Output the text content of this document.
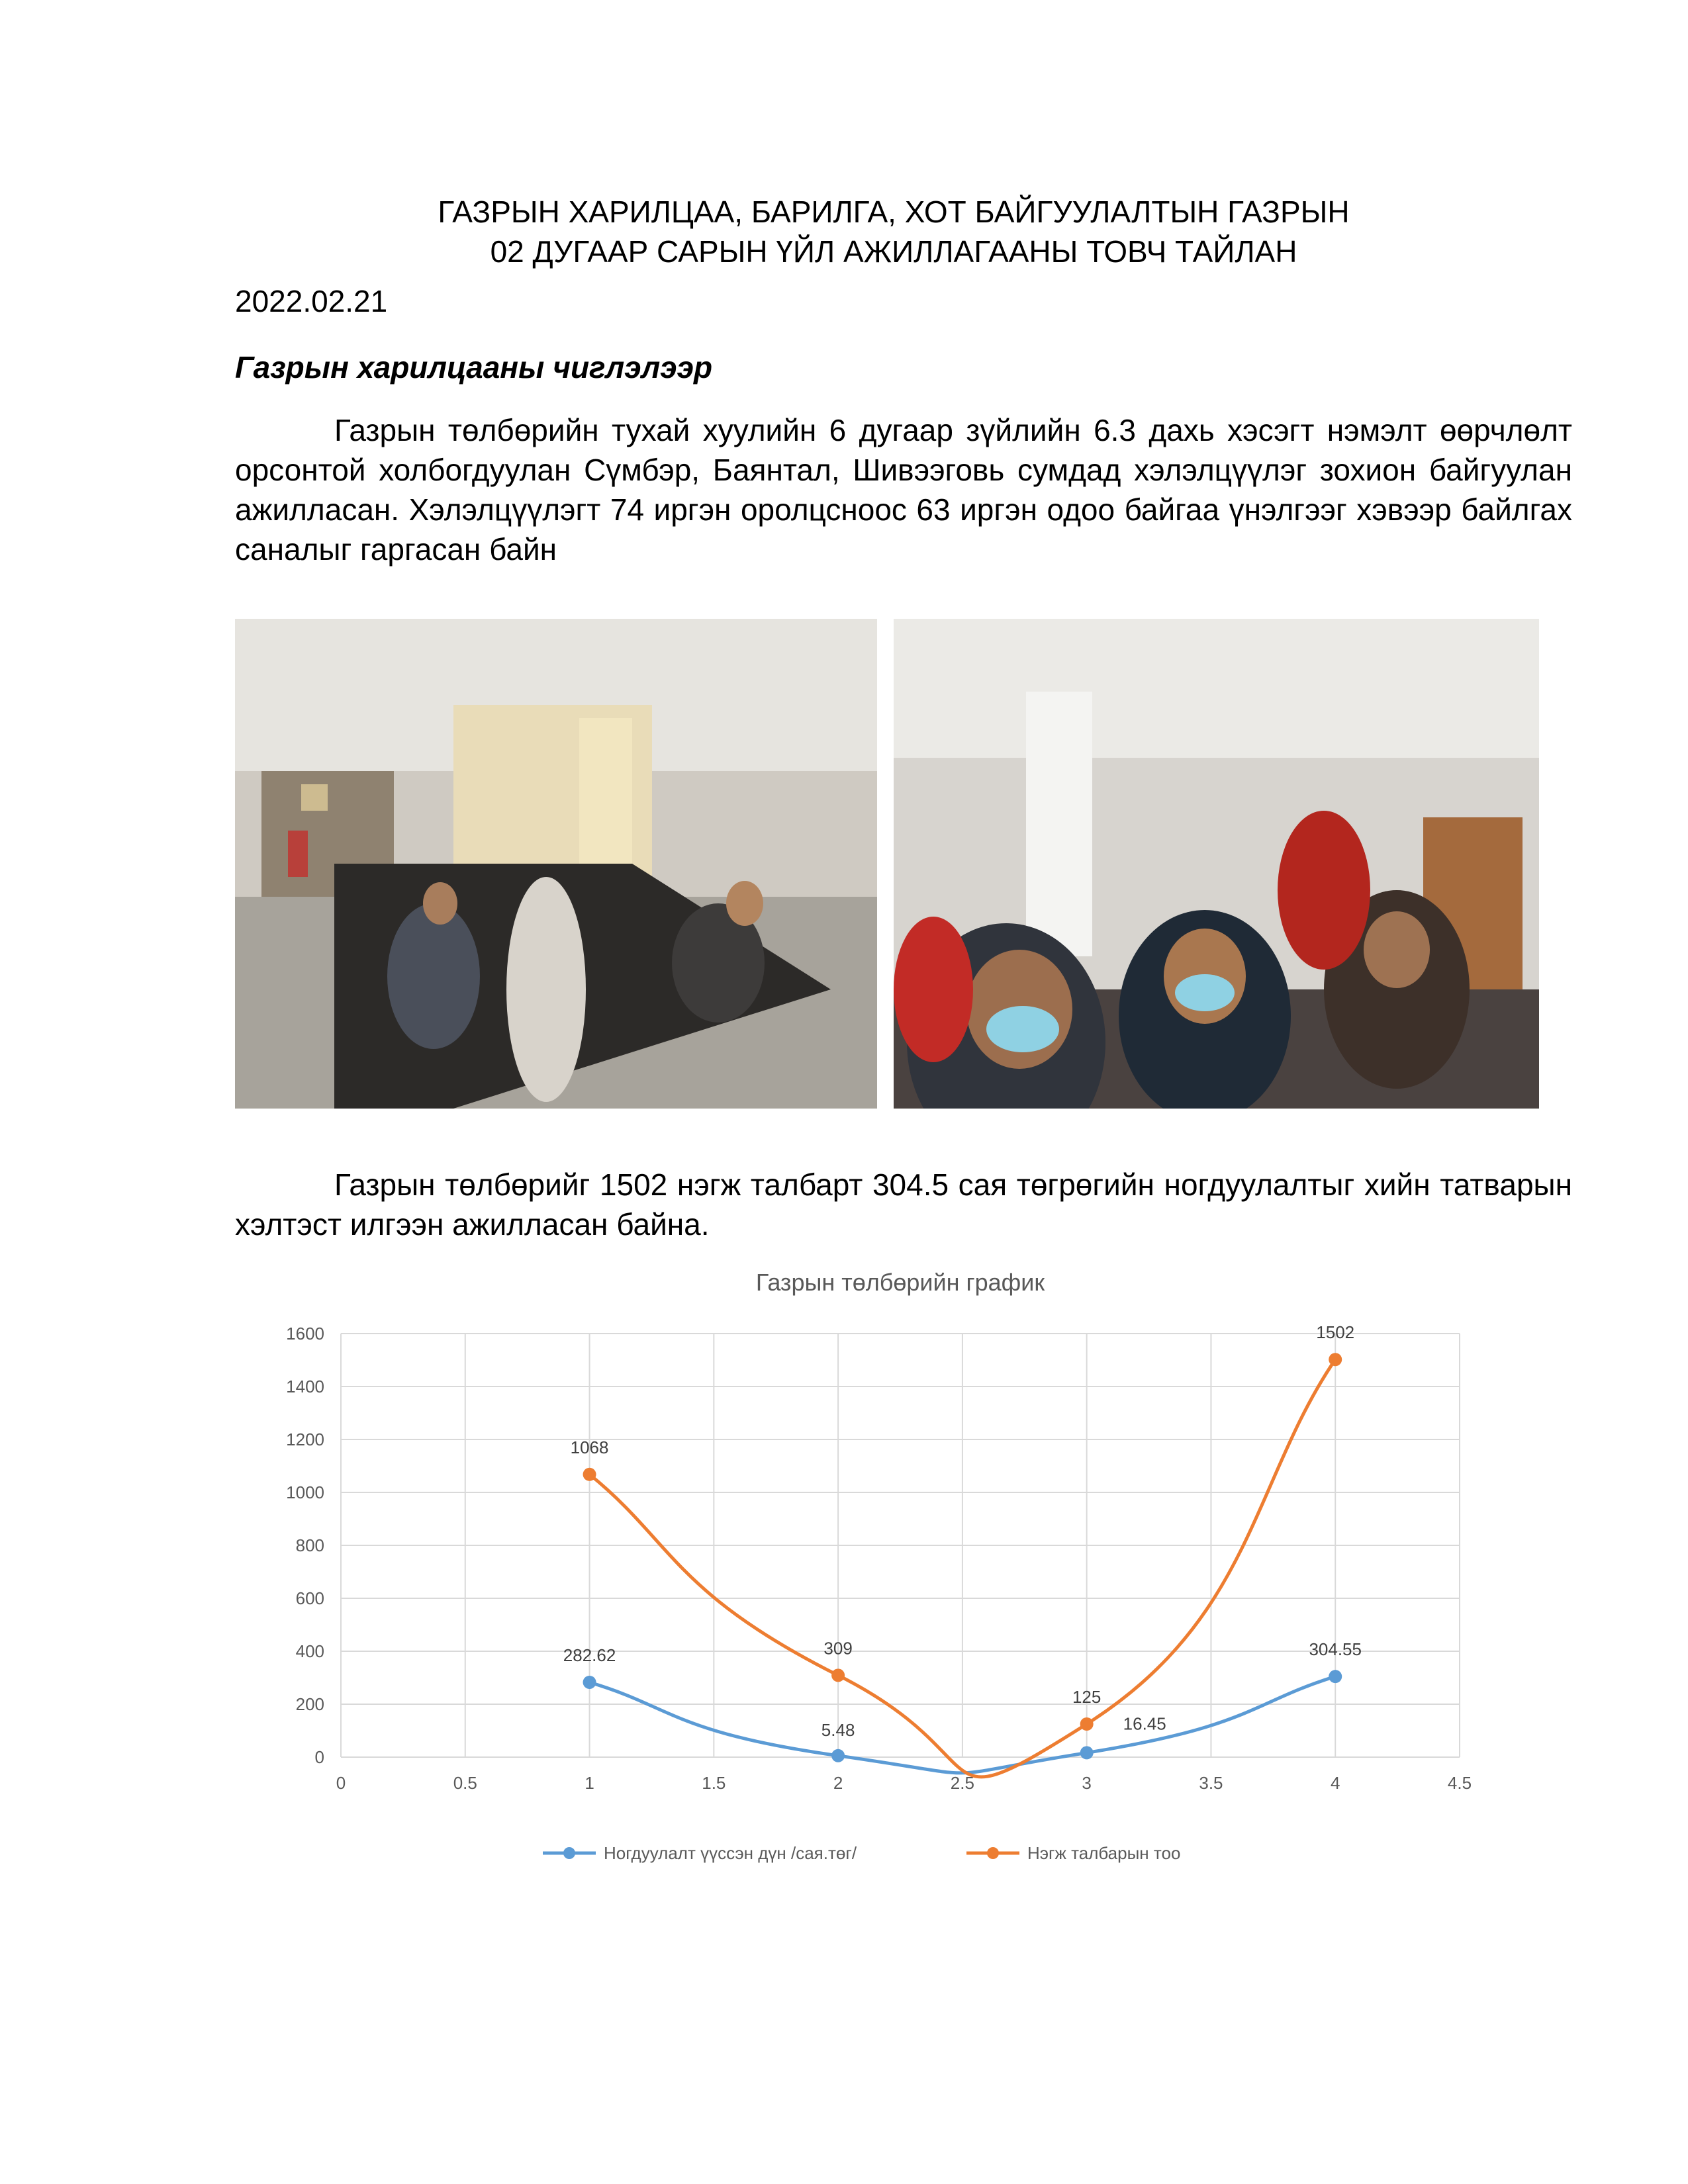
ГАЗРЫН ХАРИЛЦАА, БАРИЛГА, ХОТ БАЙГУУЛАЛТЫН ГАЗРЫН
02 ДУГААР САРЫН ҮЙЛ АЖИЛЛАГААНЫ ТОВЧ ТАЙЛАН
2022.02.21
Газрын харилцааны чиглэлээр

Газрын төлбөрийн тухай хуулийн 6 дугаар зүйлийн 6.3 дахь хэсэгт нэмэлт өөрчлөлт орсонтой холбогдуулан Сүмбэр, Баянтал, Шивээговь сумдад хэлэлцүүлэг зохион байгуулан ажилласан. Хэлэлцүүлэгт 74 иргэн оролцсноос 63 иргэн одоо байгаа үнэлгээг хэвээр байлгах саналыг гаргасан байн

Газрын төлбөрийг 1502 нэгж талбарт 304.5 сая төгрөгийн ногдуулалтыг хийн татварын хэлтэст илгээн ажилласан байна.

Газрын төлбөрийн график
0	0.5	1	1.5	2	2.5	3	3.5	4	4.5
0
200
400
600
800
1000
1200
1400
1600
282.62
5.48	16.45
304.55
1068
309
125
1502
Ногдуулалт үүссэн дүн /сая.төг/	Нэгж талбарын тоо
